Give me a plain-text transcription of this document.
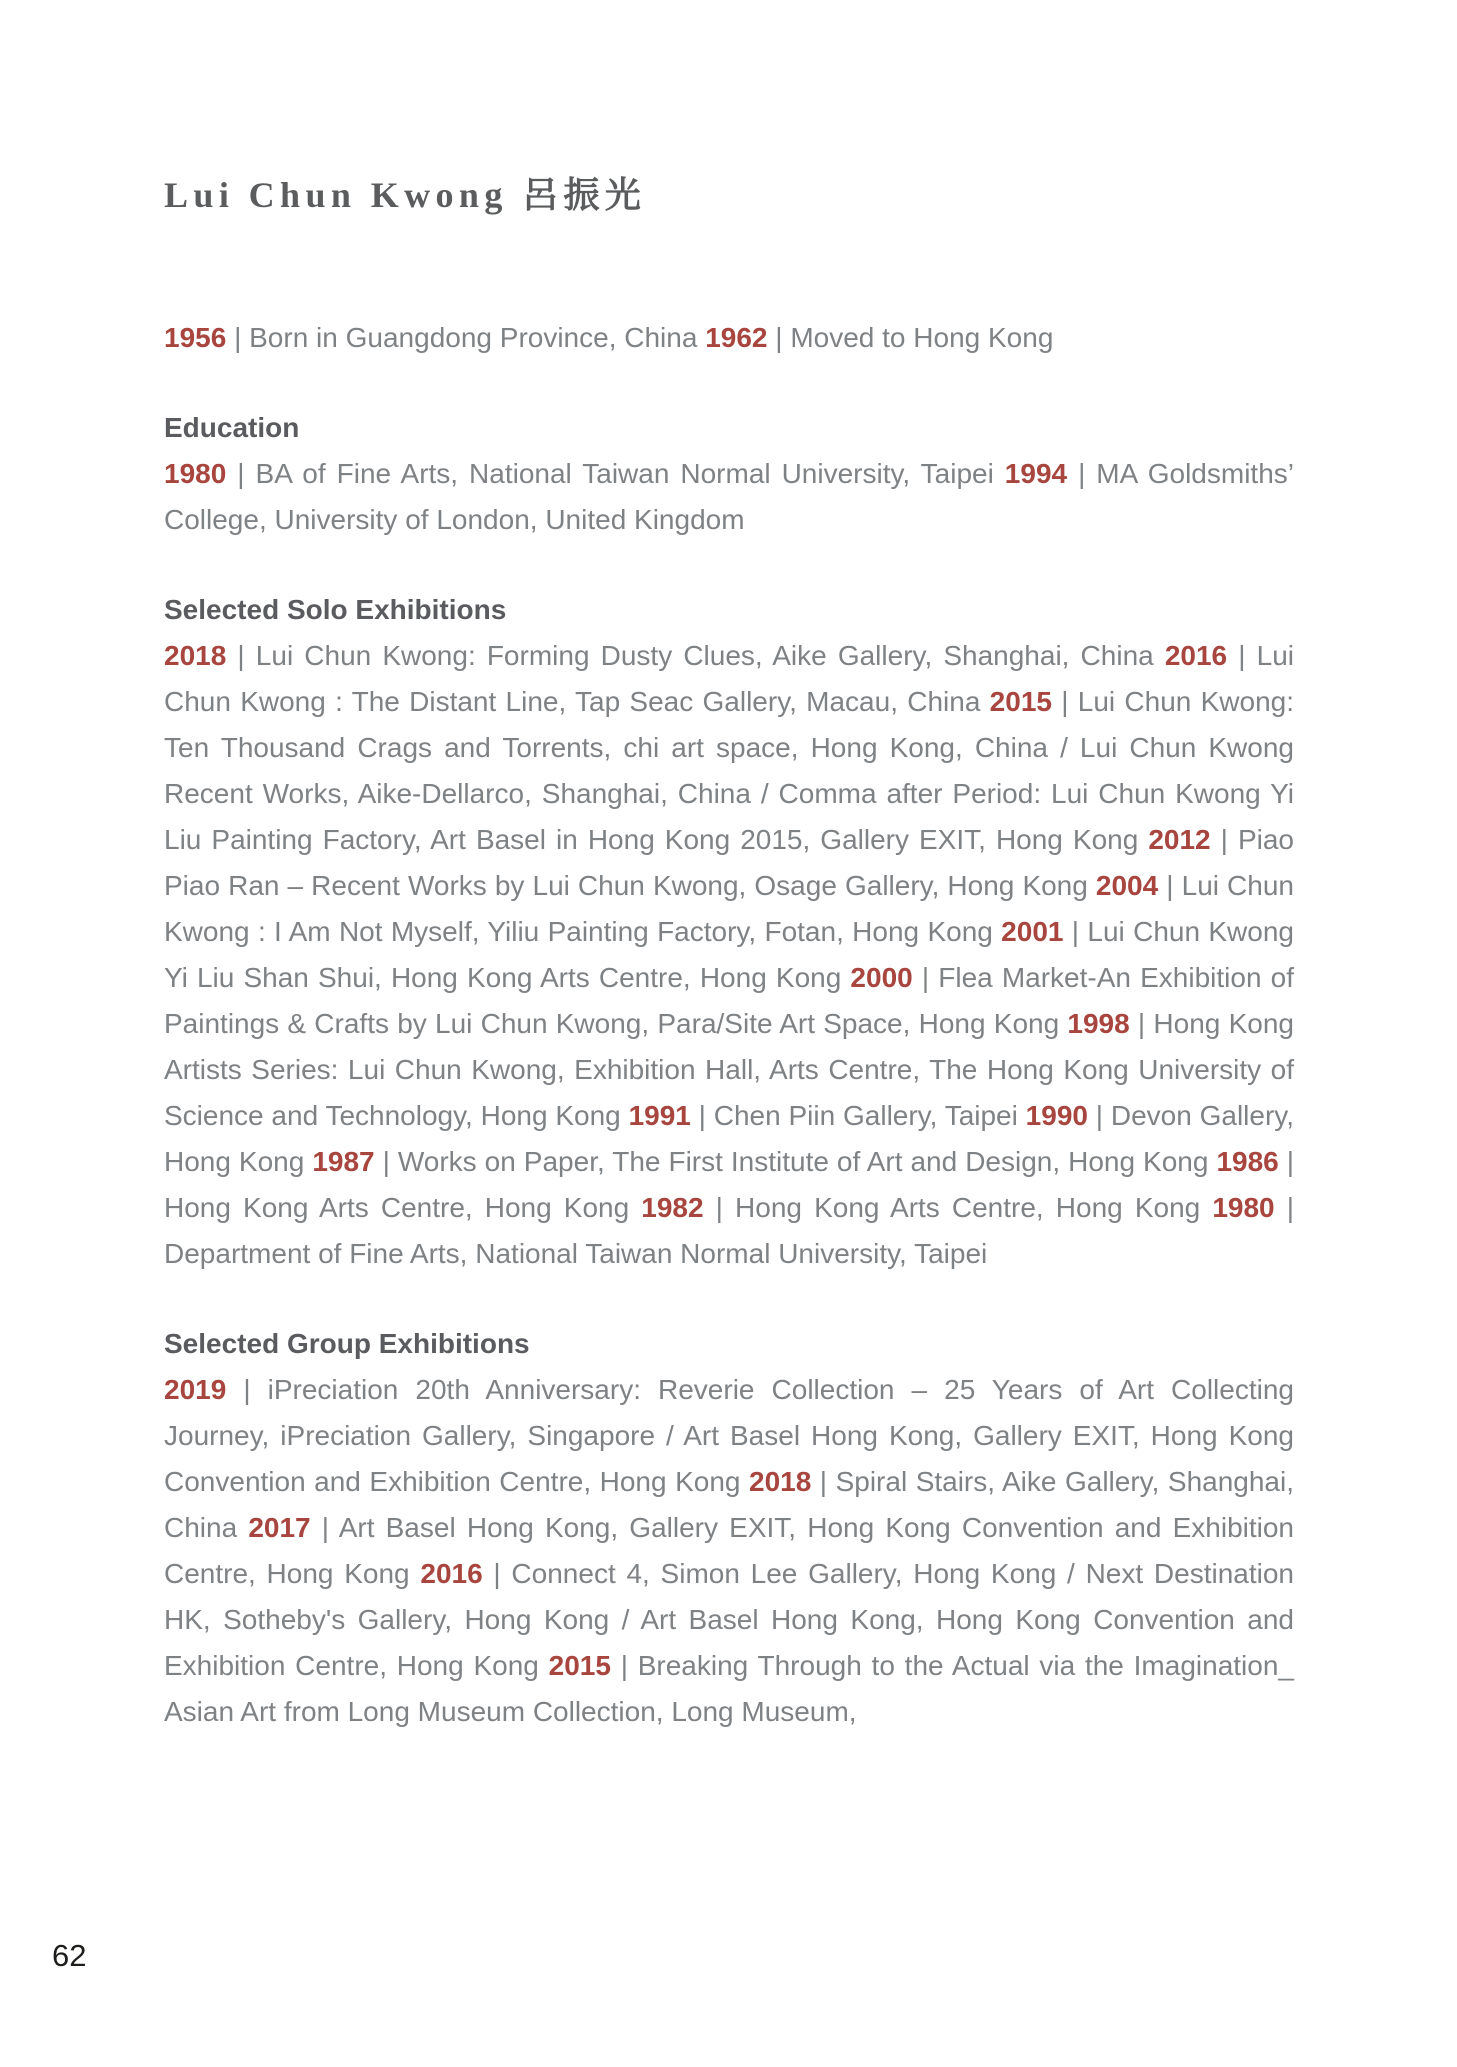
Lui Chun Kwong 呂振光

1956 | Born in Guangdong Province, China 1962 | Moved to Hong Kong

Education

1980 | BA of Fine Arts, National Taiwan Normal University, Taipei 1994 | MA Goldsmiths’ College, University of London, United Kingdom

Selected Solo Exhibitions

2018 | Lui Chun Kwong: Forming Dusty Clues, Aike Gallery, Shanghai, China 2016 | Lui Chun Kwong : The Distant Line, Tap Seac Gallery, Macau, China 2015 | Lui Chun Kwong: Ten Thousand Crags and Torrents, chi art space, Hong Kong, China / Lui Chun Kwong Recent Works, Aike-Dellarco, Shanghai, China / Comma after Period: Lui Chun Kwong Yi Liu Painting Factory, Art Basel in Hong Kong 2015, Gallery EXIT, Hong Kong 2012 | Piao Piao Ran – Recent Works by Lui Chun Kwong, Osage Gallery, Hong Kong 2004 | Lui Chun Kwong : I Am Not Myself, Yiliu Painting Factory, Fotan, Hong Kong 2001 | Lui Chun Kwong Yi Liu Shan Shui, Hong Kong Arts Centre, Hong Kong 2000 | Flea Market-An Exhibition of Paintings & Crafts by Lui Chun Kwong, Para/Site Art Space, Hong Kong 1998 | Hong Kong Artists Series: Lui Chun Kwong, Exhibition Hall, Arts Centre, The Hong Kong University of Science and Technology, Hong Kong 1991 | Chen Piin Gallery, Taipei 1990 | Devon Gallery, Hong Kong 1987 | Works on Paper, The First Institute of Art and Design, Hong Kong 1986 | Hong Kong Arts Centre, Hong Kong 1982 | Hong Kong Arts Centre, Hong Kong 1980 | Department of Fine Arts, National Taiwan Normal University, Taipei

Selected Group Exhibitions

2019 | iPreciation 20th Anniversary: Reverie Collection – 25 Years of Art Collecting Journey, iPreciation Gallery, Singapore / Art Basel Hong Kong, Gallery EXIT, Hong Kong Convention and Exhibition Centre, Hong Kong 2018 | Spiral Stairs, Aike Gallery, Shanghai, China 2017 | Art Basel Hong Kong, Gallery EXIT, Hong Kong Convention and Exhibition Centre, Hong Kong 2016 | Connect 4, Simon Lee Gallery, Hong Kong / Next Destination HK, Sotheby's Gallery, Hong Kong / Art Basel Hong Kong, Hong Kong Convention and Exhibition Centre, Hong Kong 2015 | Breaking Through to the Actual via the Imagination_ Asian Art from Long Museum Collection, Long Museum,

62
